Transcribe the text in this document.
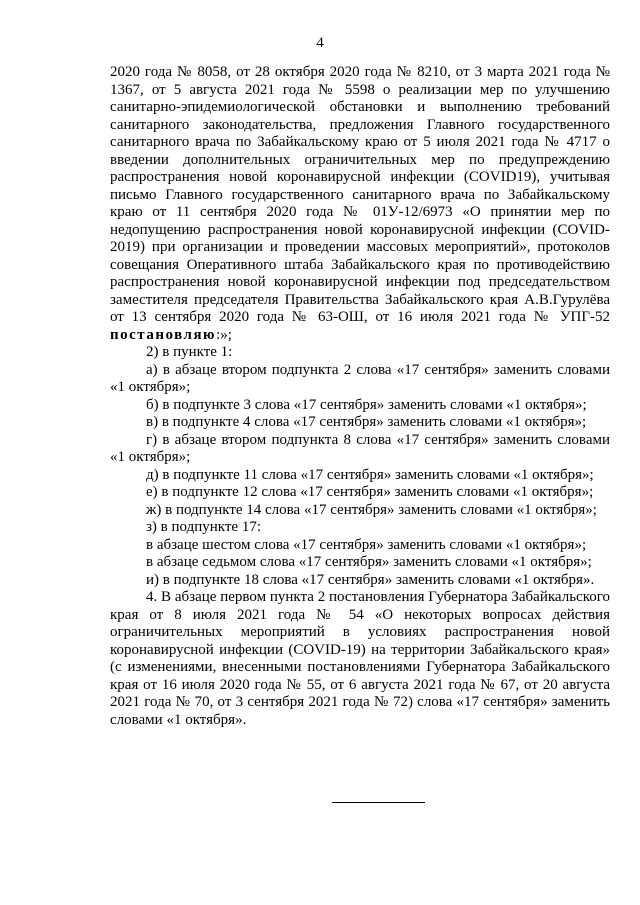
4

2020 года № 8058, от 28 октября 2020 года № 8210, от 3 марта 2021 года № 1367, от 5 августа 2021 года № 5598 о реализации мер по улучшению санитарно-эпидемиологической обстановки и выполнению требований санитарного законодательства, предложения Главного государственного санитарного врача по Забайкальскому краю от 5 июля 2021 года № 4717 о введении дополнительных ограничительных мер по предупреждению распространения новой коронавирусной инфекции (COVID19), учитывая письмо Главного государственного санитарного врача по Забайкальскому краю от 11 сентября 2020 года № 01У-12/6973 «О принятии мер по недопущению распространения новой коронавирусной инфекции (COVID-2019) при организации и проведении массовых мероприятий», протоколов совещания Оперативного штаба Забайкальского края по противодействию распространения новой коронавирусной инфекции под председательством заместителя председателя Правительства Забайкальского края А.В.Гурулёва от 13 сентября 2020 года № 63-ОШ, от 16 июля 2021 года № УПГ-52 постановляю:»;

2) в пункте 1:

а) в абзаце втором подпункта 2 слова «17 сентября» заменить словами «1 октября»;

б) в подпункте 3 слова «17 сентября» заменить словами «1 октября»;

в) в подпункте 4 слова «17 сентября» заменить словами «1 октября»;

г) в абзаце втором подпункта 8 слова «17 сентября» заменить словами «1 октября»;

д) в подпункте 11 слова «17 сентября» заменить словами «1 октября»;

е) в подпункте 12 слова «17 сентября» заменить словами «1 октября»;

ж) в подпункте 14 слова «17 сентября» заменить словами «1 октября»;

з) в подпункте 17:

в абзаце шестом слова «17 сентября» заменить словами «1 октября»;

в абзаце седьмом слова «17 сентября» заменить словами «1 октября»;

и) в подпункте 18 слова «17 сентября» заменить словами «1 октября».

4. В абзаце первом пункта 2 постановления Губернатора Забайкальского края от 8 июля 2021 года № 54 «О некоторых вопросах действия ограничительных мероприятий в условиях распространения новой коронавирусной инфекции (COVID-19) на территории Забайкальского края» (с изменениями, внесенными постановлениями Губернатора Забайкальского края от 16 июля 2020 года № 55, от 6 августа 2021 года № 67, от 20 августа 2021 года № 70, от 3 сентября 2021 года № 72) слова «17 сентября» заменить словами «1 октября».
